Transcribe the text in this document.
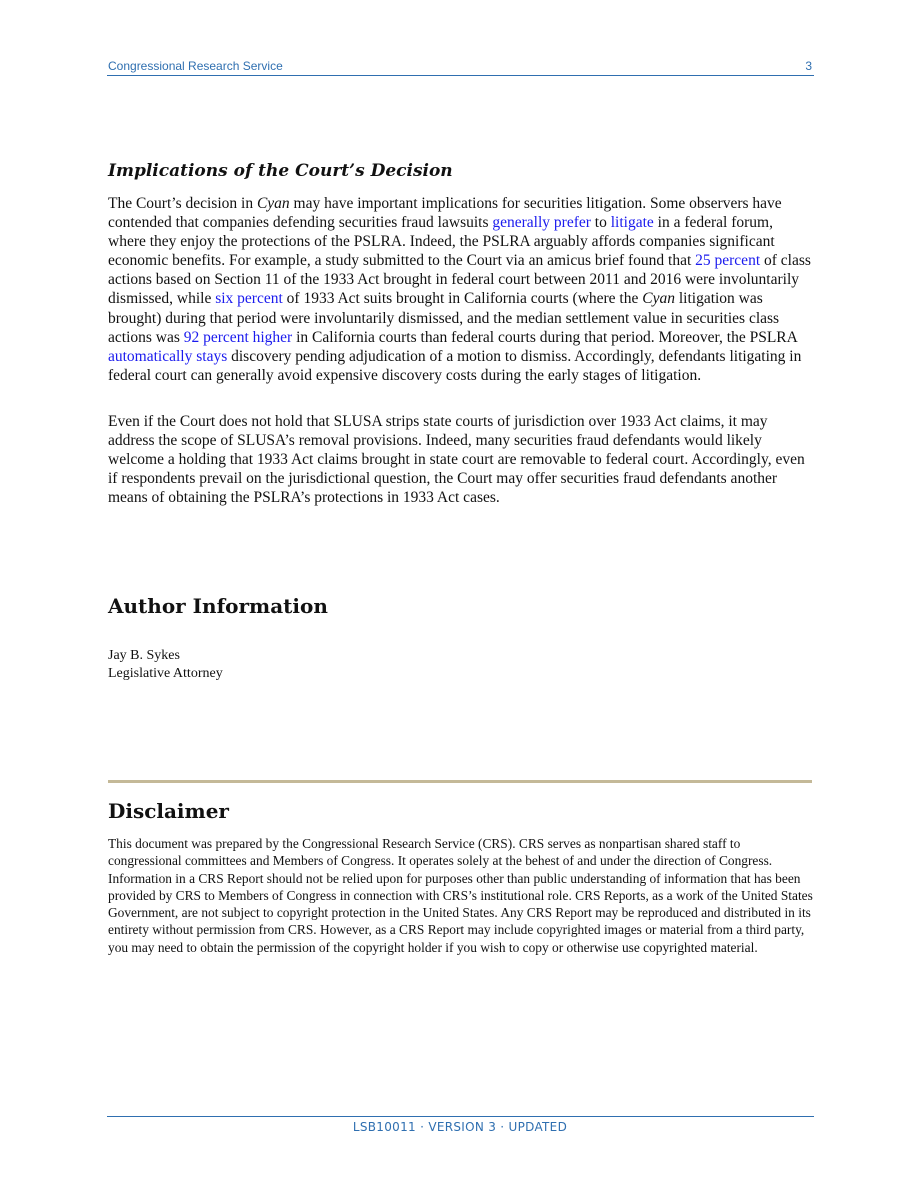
Congressional Research Service	3
Implications of the Court’s Decision

The Court’s decision in Cyan may have important implications for securities litigation. Some observers have contended that companies defending securities fraud lawsuits generally prefer to litigate in a federal forum, where they enjoy the protections of the PSLRA. Indeed, the PSLRA arguably affords companies significant economic benefits. For example, a study submitted to the Court via an amicus brief found that 25 percent of class actions based on Section 11 of the 1933 Act brought in federal court between 2011 and 2016 were involuntarily dismissed, while six percent of 1933 Act suits brought in California courts (where the Cyan litigation was brought) during that period were involuntarily dismissed, and the median settlement value in securities class actions was 92 percent higher in California courts than federal courts during that period. Moreover, the PSLRA automatically stays discovery pending adjudication of a motion to dismiss. Accordingly, defendants litigating in federal court can generally avoid expensive discovery costs during the early stages of litigation.

Even if the Court does not hold that SLUSA strips state courts of jurisdiction over 1933 Act claims, it may address the scope of SLUSA’s removal provisions. Indeed, many securities fraud defendants would likely welcome a holding that 1933 Act claims brought in state court are removable to federal court. Accordingly, even if respondents prevail on the jurisdictional question, the Court may offer securities fraud defendants another means of obtaining the PSLRA’s protections in 1933 Act cases.

Author Information
Jay B. Sykes
Legislative Attorney
Disclaimer

This document was prepared by the Congressional Research Service (CRS). CRS serves as nonpartisan shared staff to congressional committees and Members of Congress. It operates solely at the behest of and under the direction of Congress. Information in a CRS Report should not be relied upon for purposes other than public understanding of information that has been provided by CRS to Members of Congress in connection with CRS’s institutional role. CRS Reports, as a work of the United States Government, are not subject to copyright protection in the United States. Any CRS Report may be reproduced and distributed in its entirety without permission from CRS. However, as a CRS Report may include copyrighted images or material from a third party, you may need to obtain the permission of the copyright holder if you wish to copy or otherwise use copyrighted material.

LSB10011 · VERSION 3 · UPDATED
